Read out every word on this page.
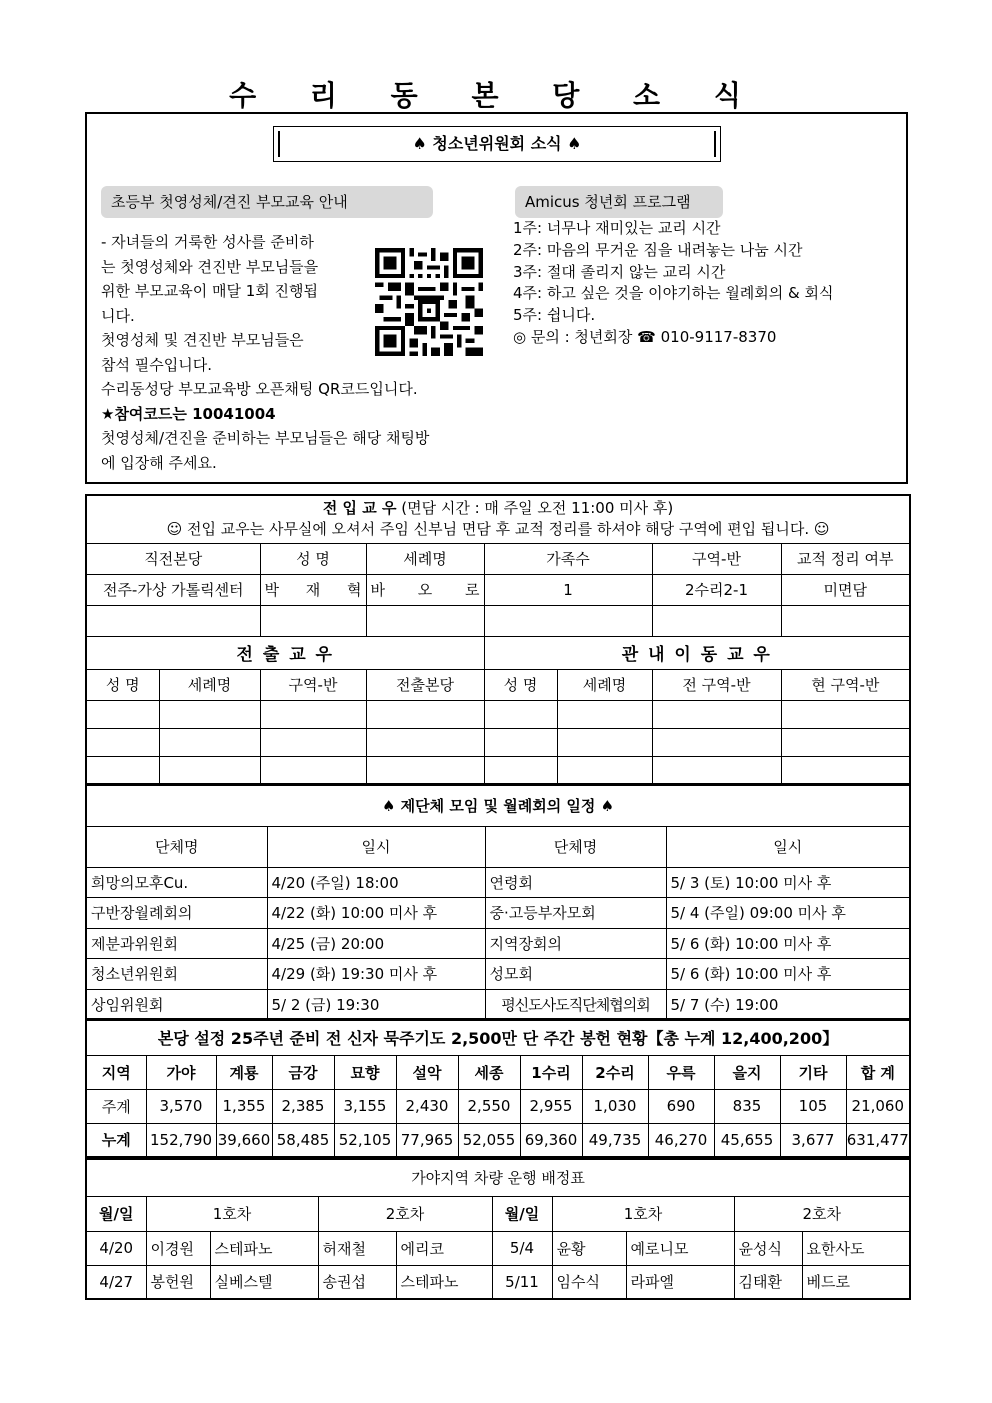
수 리 동 본 당 소 식
♠ 청소년위원회 소식 ♠
초등부 첫영성체/견진 부모교육 안내	Amicus 청년회 프로그램

- 자녀들의 거룩한 성사를 준비하

는 첫영성체와 견진반 부모님들을

위한 부모교육이 매달 1회 진행됩

니다.

첫영성체 및 견진반 부모님들은

참석 필수입니다.

수리동성당 부모교육방 오픈채팅 QR코드입니다.

★참여코드는 10041004

첫영성체/견진을 준비하는 부모님들은 해당 채팅방

에 입장해 주세요.

1주: 너무나 재미있는 교리 시간

2주: 마음의 무거운 짐을 내려놓는 나눔 시간

3주: 절대 졸리지 않는 교리 시간

4주: 하고 싶은 것을 이야기하는 월례회의 & 회식

5주: 쉽니다.

◎ 문의 : 청년회장 ☎ 010-9117-8370

전 입 교 우 (면담 시간 : 매 주일 오전 11:00 미사 후)
☺ 전입 교우는 사무실에 오셔서 주임 신부님 면담 후 교적 정리를 하셔야 해당 구역에 편입 됩니다. ☺							
직전본당		성 명	세례명	가족수		구역-반	교적 정리 여부
전주-가상 가톨릭센터		박 재 혁	바 오 로	1		2수리2-1	미면담

전 출 교 우				관 내 이 동 교 우			
성 명	세례명	구역-반	전출본당	성 명	세례명	전 구역-반	현 구역-반

♠ 제단체 모임 및 월례회의 일정 ♠			
단체명	일시	단체명	일시
희망의모후Cu.	4/20 (주일) 18:00	연령회	5/ 3 (토) 10:00 미사 후
구반장월례회의	4/22 (화) 10:00 미사 후	중·고등부자모회	5/ 4 (주일) 09:00 미사 후
제분과위원회	4/25 (금) 20:00	지역장회의	5/ 6 (화) 10:00 미사 후
청소년위원회	4/29 (화) 19:30 미사 후	성모회	5/ 6 (화) 10:00 미사 후
상임위원회	5/ 2 (금) 19:30	평신도사도직단체협의회	5/ 7 (수) 19:00
본당 설정 25주년 준비 전 신자 묵주기도 2,500만 단 주간 봉헌 현황【총 누계 12,400,200】												
지역	가야	계룡	금강	묘향	설악	세종	1수리	2수리	우륵	을지	기타	합 계
주계	3,570	1,355	2,385	3,155	2,430	2,550	2,955	1,030	690	835	105	21,060
누계	152,790	39,660	58,485	52,105	77,965	52,055	69,360	49,735	46,270	45,655	3,677	631,477
가야지역 차량 운행 배정표									
월/일	1호차		2호차		월/일	1호차		2호차	
4/20	이경원	스테파노	허재철	에리코	5/4	윤황	예로니모	윤성식	요한사도
4/27	봉헌원	실베스텔	송권섭	스테파노	5/11	임수식	라파엘	김태환	베드로
